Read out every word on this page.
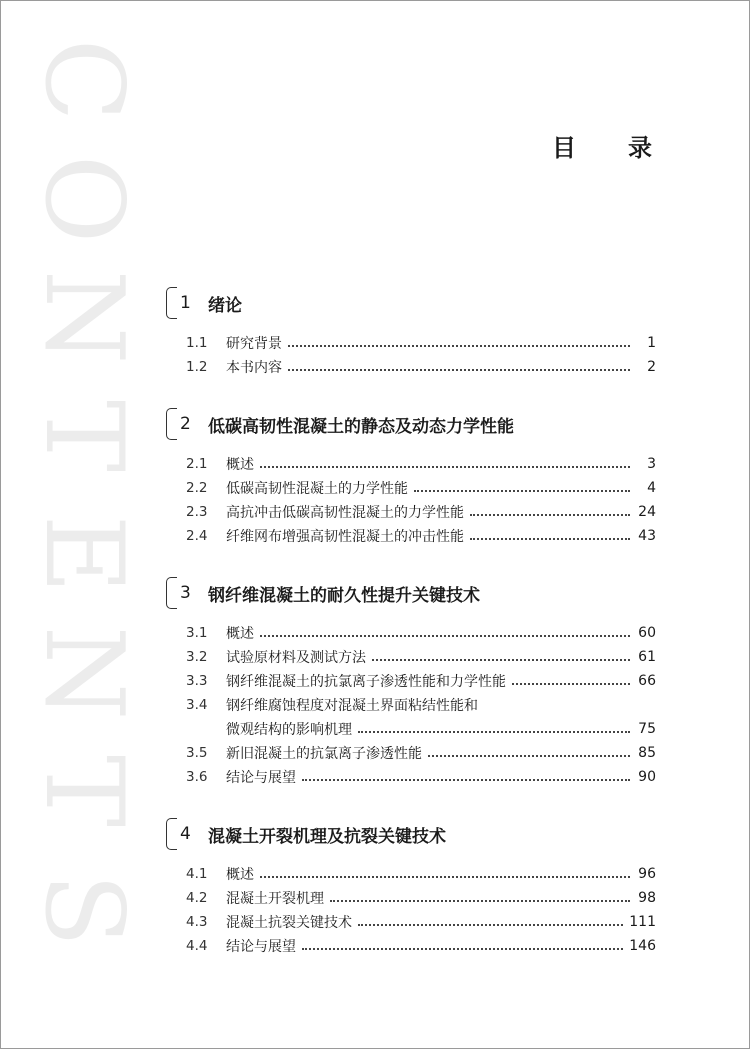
C
O
N
T
E
N
T
S
目 录
1	绪论
1.1	研究背景	1
1.2	本书内容	2
2	低碳高韧性混凝土的静态及动态力学性能
2.1	概述	3
2.2	低碳高韧性混凝土的力学性能	4
2.3	高抗冲击低碳高韧性混凝土的力学性能	24
2.4	纤维网布增强高韧性混凝土的冲击性能	43
3	钢纤维混凝土的耐久性提升关键技术
3.1	概述	60
3.2	试验原材料及测试方法	61
3.3	钢纤维混凝土的抗氯离子渗透性能和力学性能	66
3.4	钢纤维腐蚀程度对混凝土界面粘结性能和
微观结构的影响机理	75
3.5	新旧混凝土的抗氯离子渗透性能	85
3.6	结论与展望	90
4	混凝土开裂机理及抗裂关键技术
4.1	概述	96
4.2	混凝土开裂机理	98
4.3	混凝土抗裂关键技术	111
4.4	结论与展望	146
